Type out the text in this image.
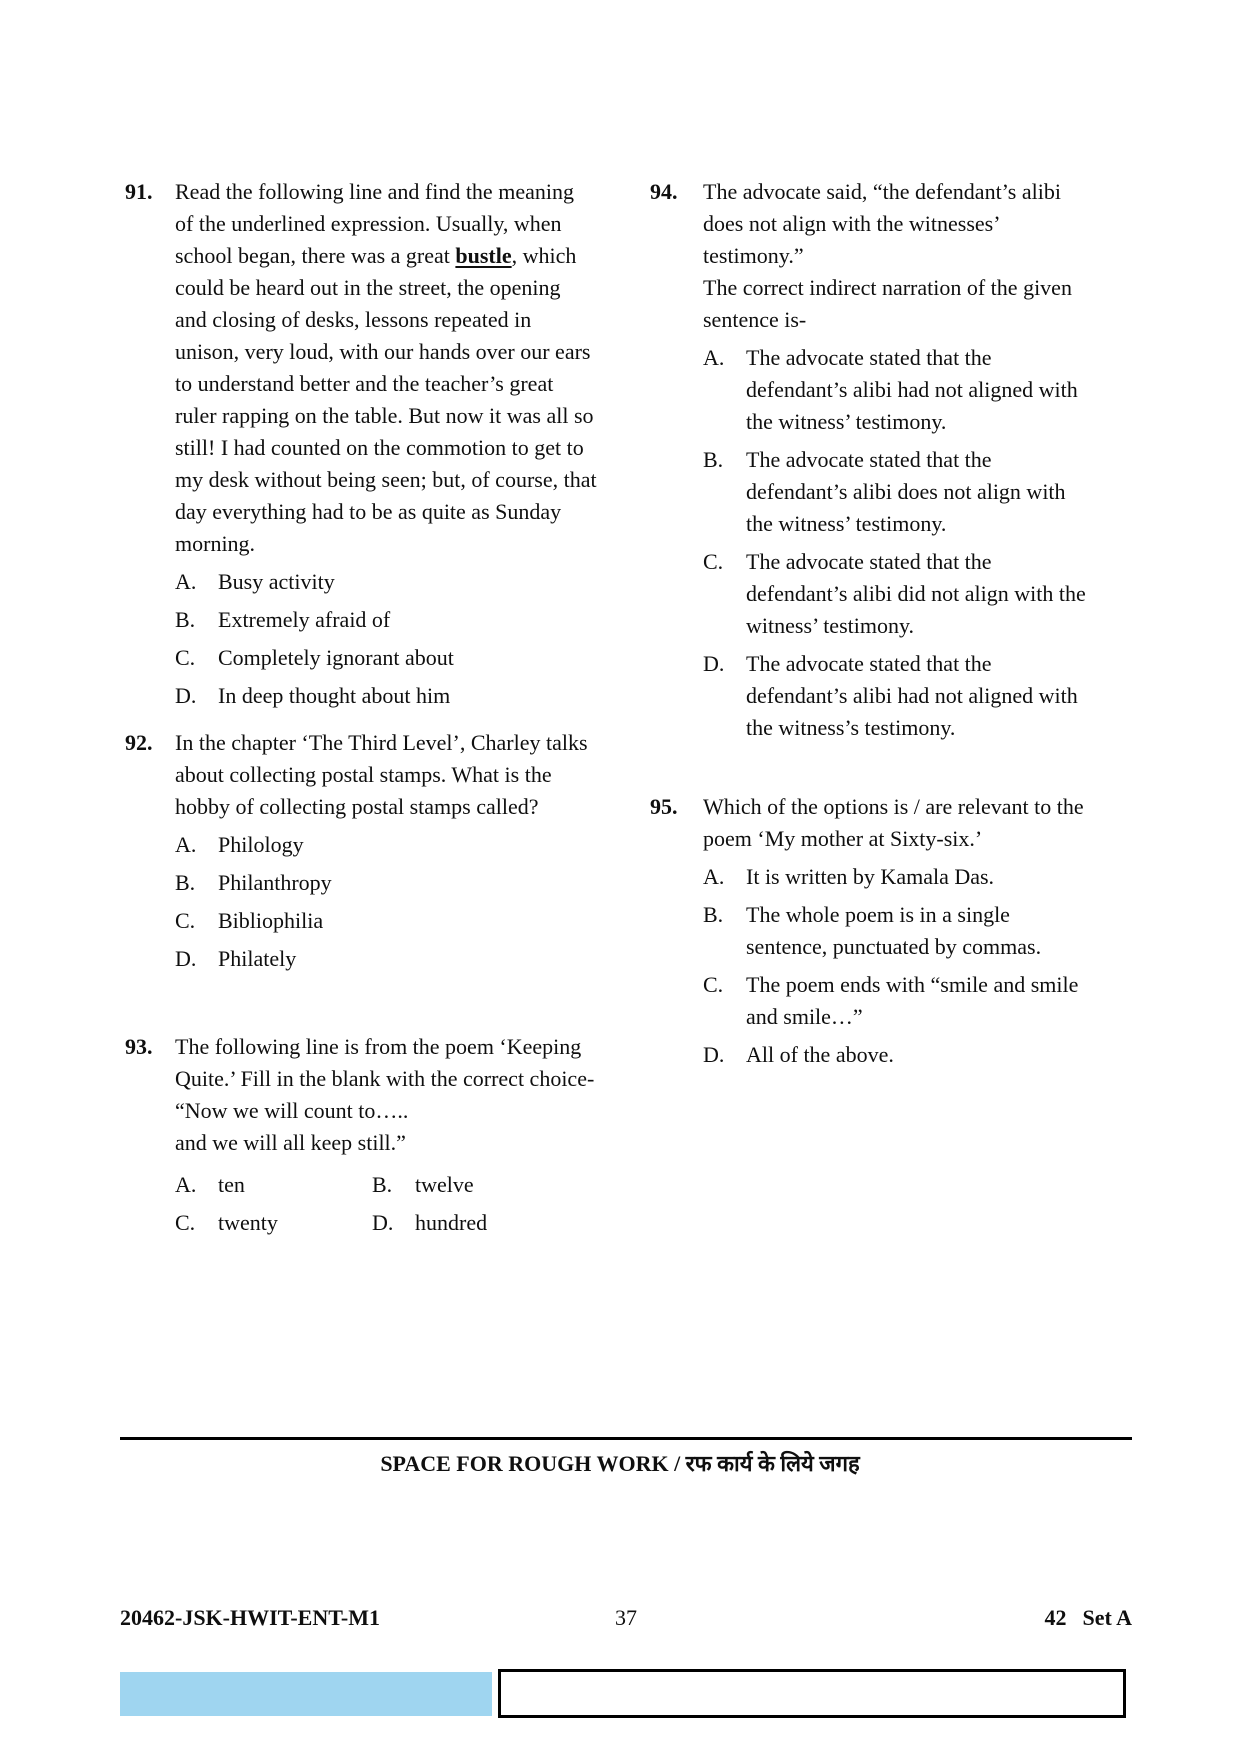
91.	Read the following line and find the meaning of the underlined expression. Usually, when school began, there was a great bustle, which could be heard out in the street, the opening and closing of desks, lessons repeated in unison, very loud, with our hands over our ears to understand better and the teacher’s great ruler rapping on the table. But now it was all so still! I had counted on the commotion to get to my desk without being seen; but, of course, that day everything had to be as quite as Sunday morning.
A. Busy activity
B.	Extremely afraid of
C.	Completely ignorant about
D. In deep thought about him
92.	In the chapter ‘The Third Level’, Charley talks about collecting postal stamps. What is the hobby of collecting postal stamps called?
A. Philology
B.	Philanthropy
C.	Bibliophilia
D. Philately
93.	The following line is from the poem ‘Keeping Quite.’ Fill in the blank with the correct choice-
“Now we will count to…..
and we will all keep still.”
A. ten	B.	twelve
C.	twenty	D. hundred
94.	The advocate said, “the defendant’s alibi does not align with the witnesses’ testimony.”
The correct indirect narration of the given sentence is-
A. The advocate stated that the defendant’s alibi had not aligned with the witness’ testimony.
B.	The advocate stated that the defendant’s alibi does not align with the witness’ testimony.
C.	The advocate stated that the defendant’s alibi did not align with the witness’ testimony.
D. The advocate stated that the defendant’s alibi had not aligned with the witness’s testimony.
95.	Which of the options is / are relevant to the poem ‘My mother at Sixty-six.’
A. It is written by Kamala Das.
B.	The whole poem is in a single sentence, punctuated by commas.
C.	The poem ends with “smile and smile and smile…”
D. All of the above.
SPACE FOR ROUGH WORK / रफ कार्य के लिये जगह
20462-JSK-HWIT-ENT-M1	37	42 Set A
